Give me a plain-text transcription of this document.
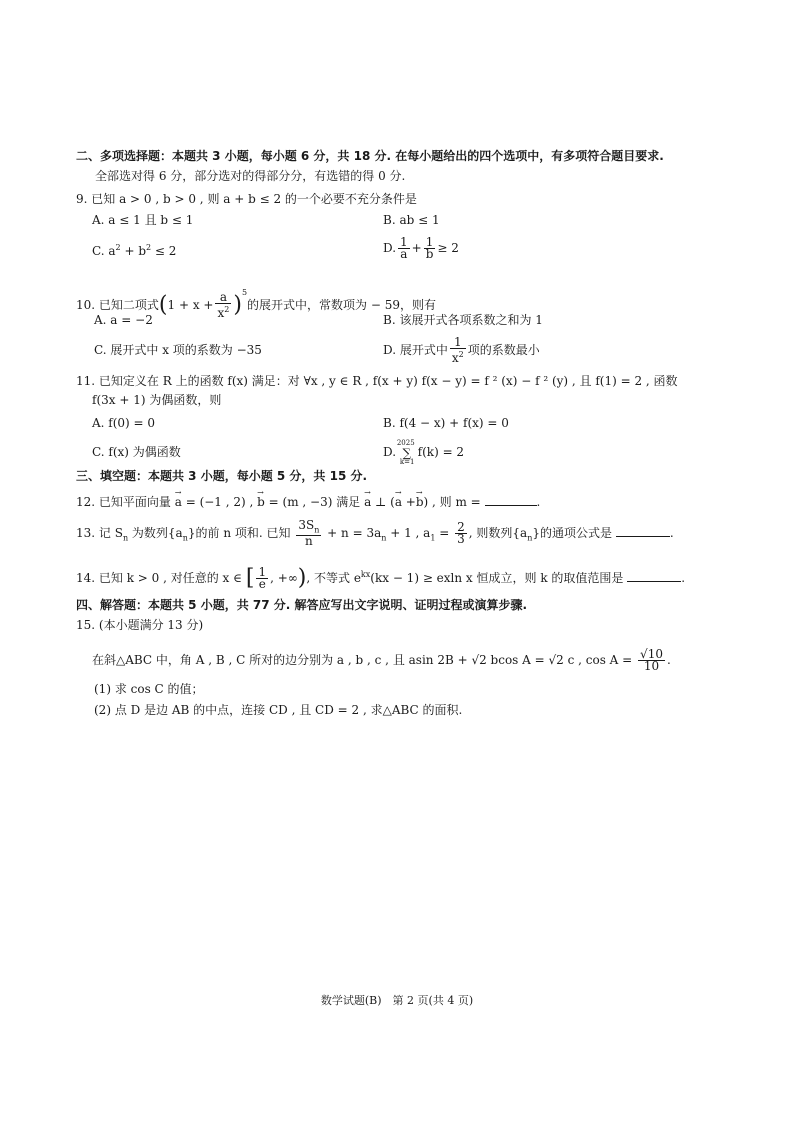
二、多项选择题：本题共 3 小题，每小题 6 分，共 18 分. 在每小题给出的四个选项中，有多项符合题目要求.
全部选对得 6 分，部分选对的得部分分，有选错的得 0 分.
9. 已知 a > 0 , b > 0 , 则 a + b ≤ 2 的一个必要不充分条件是
A. a ≤ 1 且 b ≤ 1	B. ab ≤ 1
C. $a^2 + b^2 \le 2$	D. $\frac{1}{a} + \frac{1}{b} \ge 2$
10. 已知二项式$(1 + x + \frac{a}{x^2} )^5$的展开式中，常数项为 − 59，则有
A. a = −2	B. 该展开式各项系数之和为 1
C. 展开式中 x 项的系数为 −35	D. 展开式中 $\frac{1}{x^2}$ 项的系数最小
11. 已知定义在 R 上的函数 f(x) 满足：对 ∀x , y ∈ R , f(x + y) f(x − y) = f ² (x) − f ² (y) , 且 f(1) = 2 , 函数
f(3x + 1) 为偶函数，则
A. f(0) = 0	B. f(4 − x) + f(x) = 0
C. f(x) 为偶函数	D. ∑
2025
k=1
f(k) = 2
三、填空题：本题共 3 小题，每小题 5 分，共 15 分.
12. 已知平面向量 → a = (−1 , 2) , → b = (m , −3) 满足 → a ⊥ (→ a +→ b) , 则 m =	.
13. 记 $S_n$ 为数列$\{a_n\}$的前 n 项和. 已知 $\frac{3S_n}{n} + n = 3a_n + 1$ , $a_1 = \frac{2}{3}$ , 则数列$\{a_n\}$的通项公式是	.
14. 已知 k > 0 , 对任意的 x ∈ [ $\frac{1}{e}$ , +∞), 不等式 $e^{kx}(kx - 1) \ge exln$ x 恒成立，则 k 的取值范围是	.
四、解答题：本题共 5 小题，共 77 分. 解答应写出文字说明、证明过程或演算步骤.
15. (本小题满分 13 分)
在斜△ABC 中，角 A , B , C 所对的边分别为 a , b , c , 且 asin 2B + √2 bcos A = √2 c , $\cos A = \frac{√10}{10}$ .
(1) 求 cos C 的值；
(2) 点 D 是边 AB 的中点，连接 CD , 且 CD = 2 , 求△ABC 的面积.
数学试题(B)　第 2 页(共 4 页)
